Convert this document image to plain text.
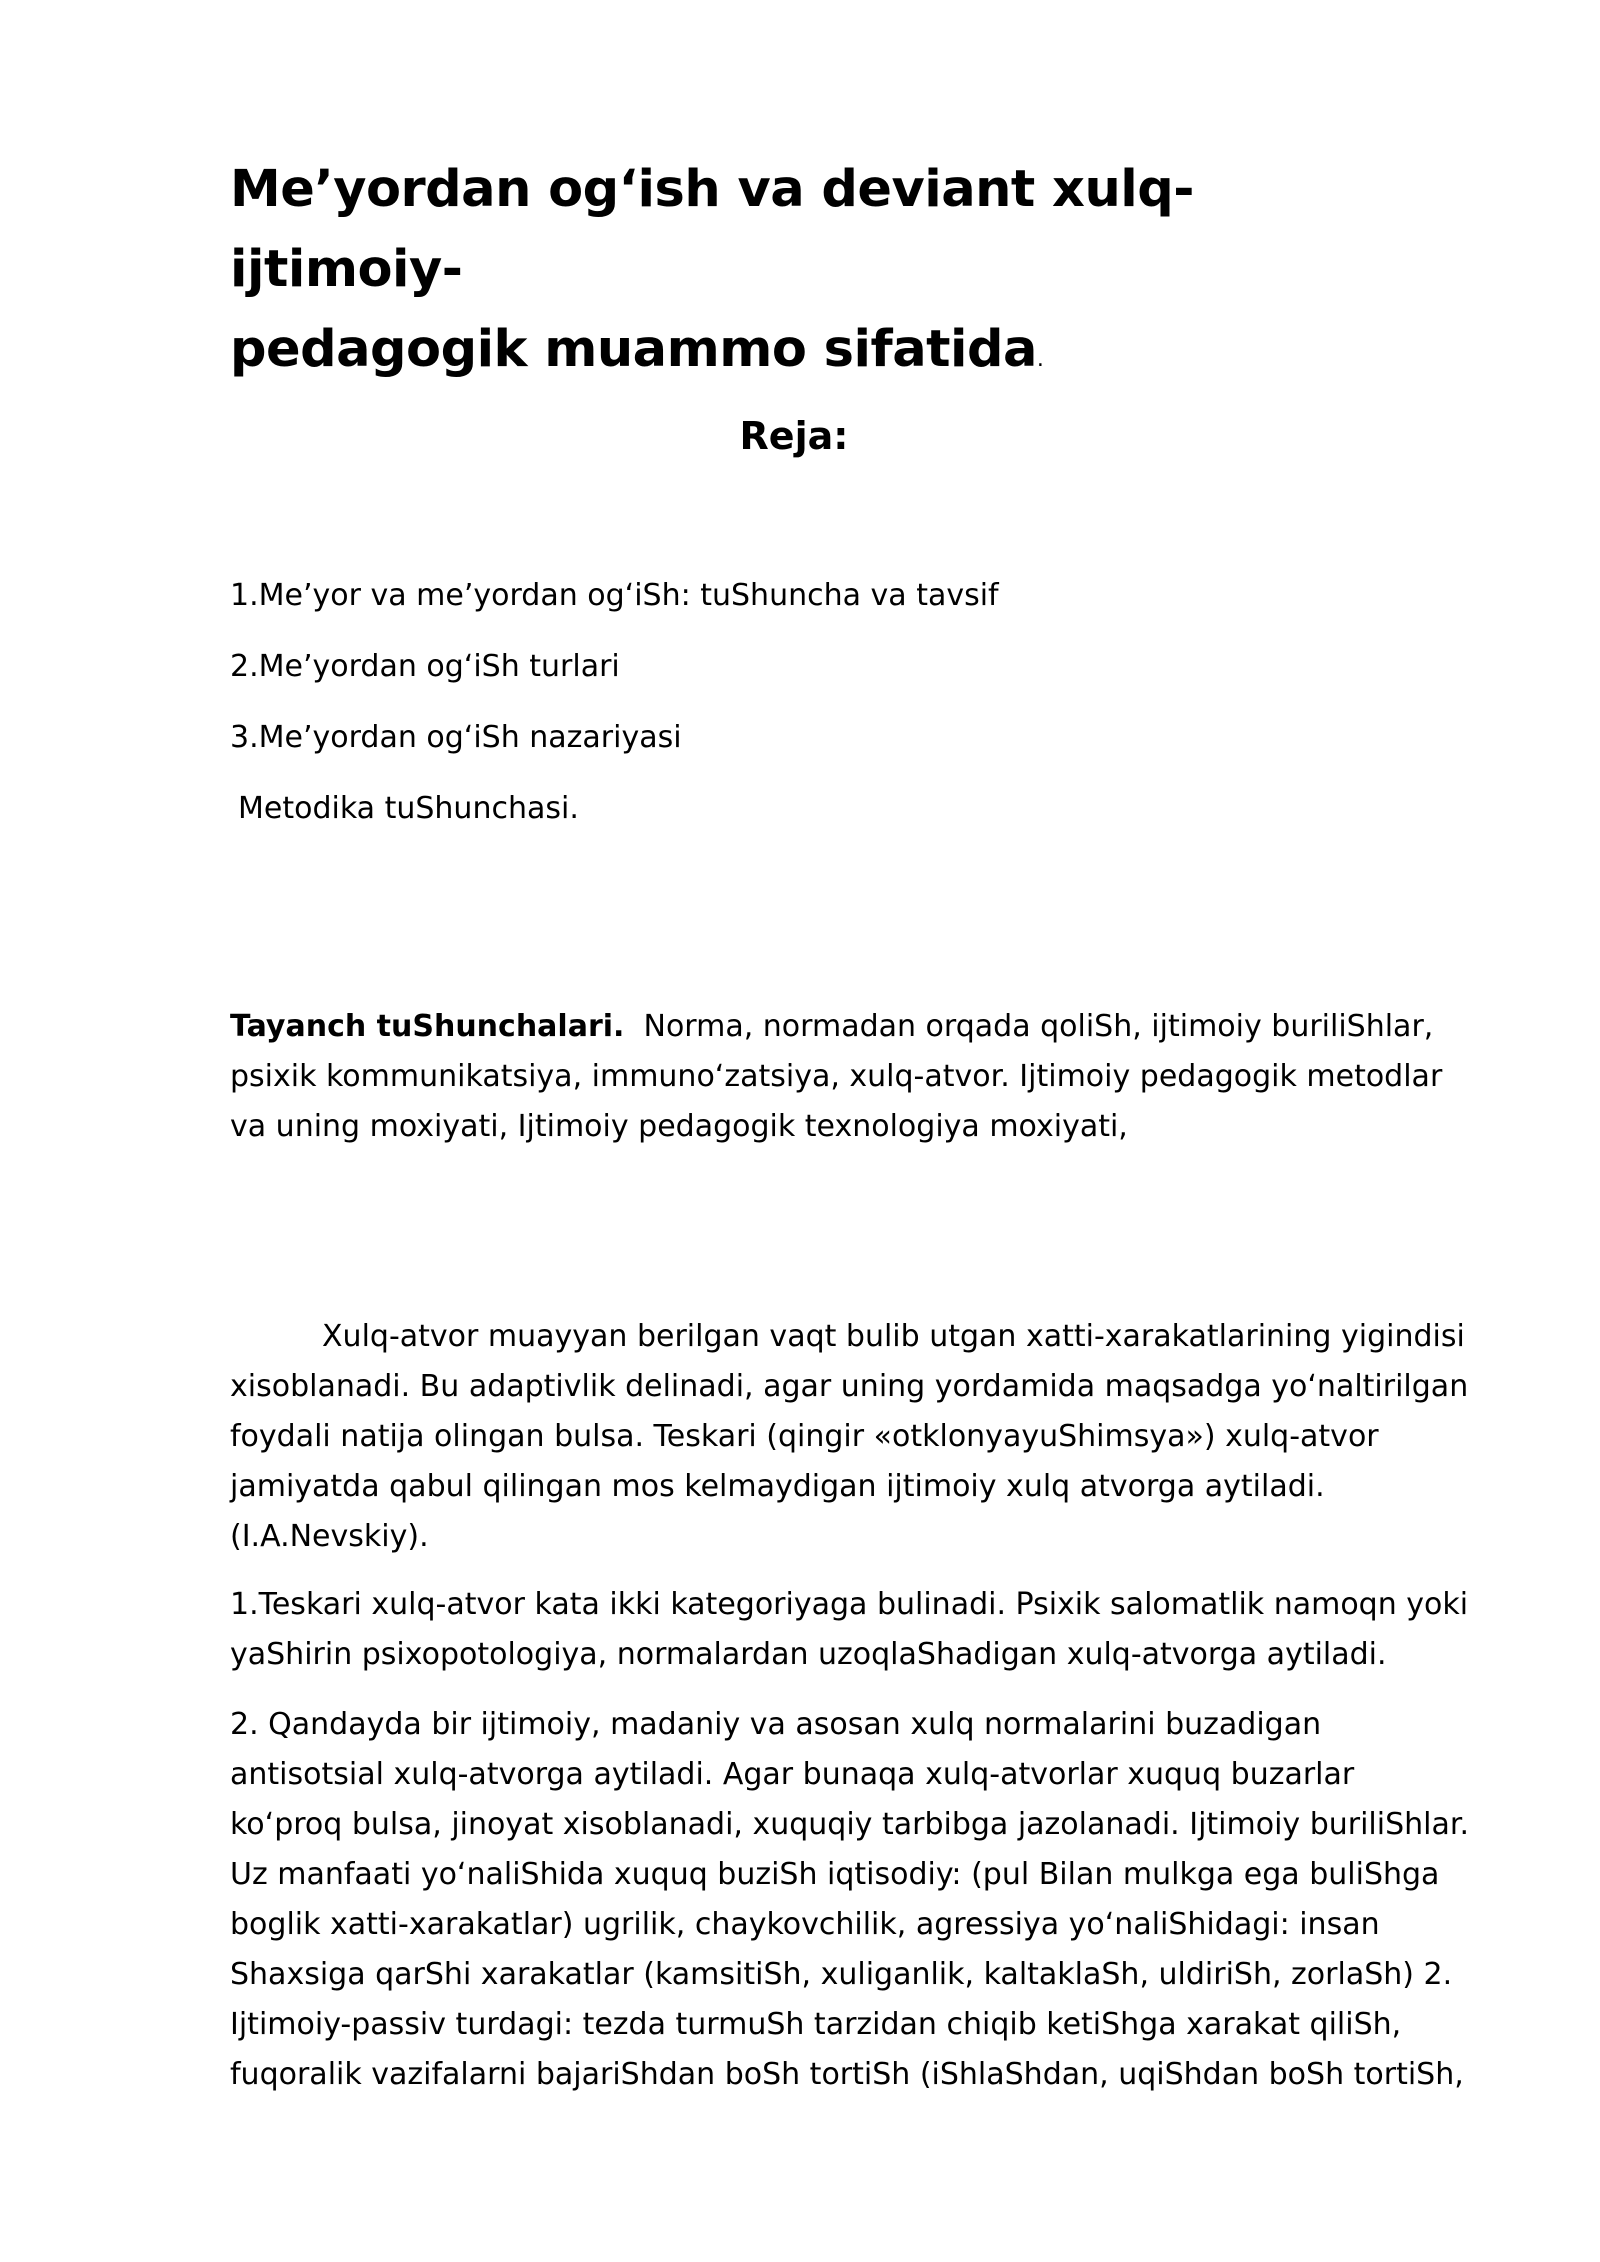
Me’yordan og‘ish va deviant xulq-ijtimoiy-
pedagogik muammo sifatida.
Reja:
1.Me’yor va me’yordan og‘iSh: tuShuncha va tavsif
2.Me’yordan og‘iSh turlari
3.Me’yordan og‘iSh nazariyasi
Metodika tuShunchasi.
Tayanch tuShunchalari. Norma, normadan orqada qoliSh, ijtimoiy buriliShlar,
psixik kommunikatsiya, immuno‘zatsiya, xulq-atvor. Ijtimoiy pedagogik metodlar
va uning moxiyati, Ijtimoiy pedagogik texnologiya moxiyati,
Xulq-atvor muayyan berilgan vaqt bulib utgan xatti-xarakatlarining yigindisi
xisoblanadi. Bu adaptivlik delinadi, agar uning yordamida maqsadga yo‘naltirilgan
foydali natija olingan bulsa. Teskari (qingir «otklonyayuShimsya») xulq-atvor
jamiyatda qabul qilingan mos kelmaydigan ijtimoiy xulq atvorga aytiladi.
(I.A.Nevskiy).
1.Teskari xulq-atvor kata ikki kategoriyaga bulinadi. Psixik salomatlik namoqn yoki
yaShirin psixopotologiya, normalardan uzoqlaShadigan xulq-atvorga aytiladi.
2. Qandayda bir ijtimoiy, madaniy va asosan xulq normalarini buzadigan
antisotsial xulq-atvorga aytiladi. Agar bunaqa xulq-atvorlar xuquq buzarlar
ko‘proq bulsa, jinoyat xisoblanadi, xuquqiy tarbibga jazolanadi. Ijtimoiy buriliShlar.
Uz manfaati yo‘naliShida xuquq buziSh iqtisodiy: (pul Bilan mulkga ega buliShga
boglik xatti-xarakatlar) ugrilik, chaykovchilik, agressiya yo‘naliShidagi: insan
Shaxsiga qarShi xarakatlar (kamsitiSh, xuliganlik, kaltaklaSh, uldiriSh, zorlaSh) 2.
Ijtimoiy-passiv turdagi: tezda turmuSh tarzidan chiqib ketiShga xarakat qiliSh,
fuqoralik vazifalarni bajariShdan boSh tortiSh (iShlaShdan, uqiShdan boSh tortiSh,
